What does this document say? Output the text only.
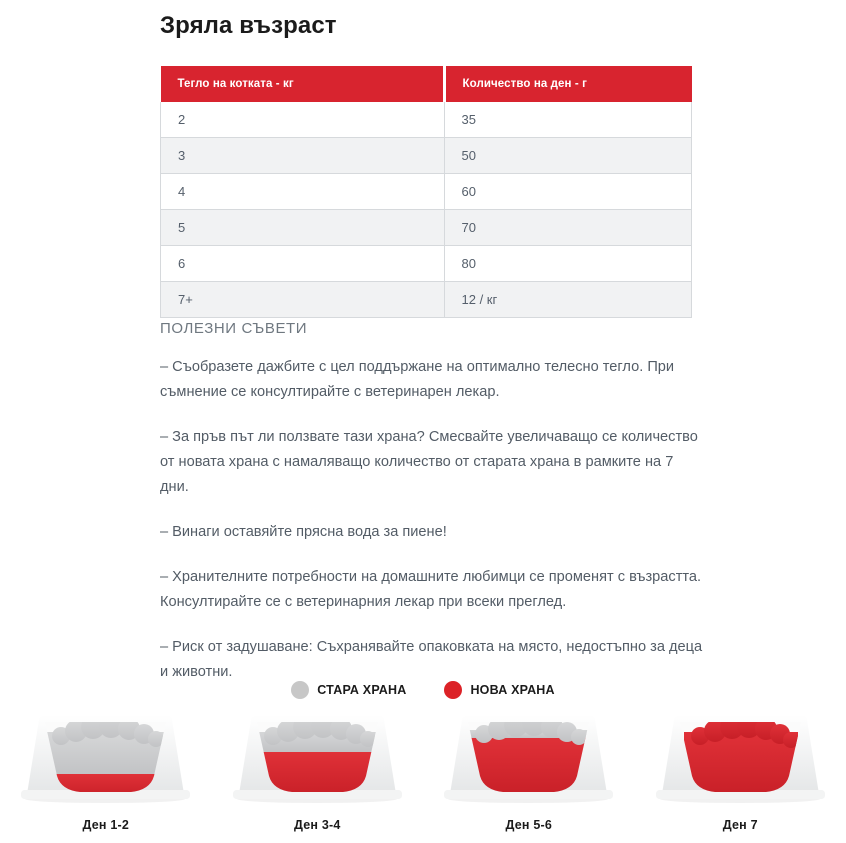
Зряла възраст
Тегло на котката - кг	Количество на ден - г
2	35
3	50
4	60
5	70
6	80
7+	12 / кг
ПОЛЕЗНИ СЪВЕТИ

– Съобразете дажбите с цел поддържане на оптимално телесно тегло. При съмнение се консултирайте с ветеринарен лекар.

– За пръв път ли ползвате тази храна? Смесвайте увеличаващо се количество от новата храна с намаляващо количество от старата храна в рамките на 7 дни.

– Винаги оставяйте прясна вода за пиене!

– Хранителните потребности на домашните любимци се променят с възрастта. Консултирайте се с ветеринарния лекар при всеки преглед.

– Риск от задушаване: Съхранявайте опаковката на място, недостъпно за деца и животни.

СТАРА ХРАНА	НОВА ХРАНА
Ден 1-2	Ден 3-4	Ден 5-6	Ден 7
